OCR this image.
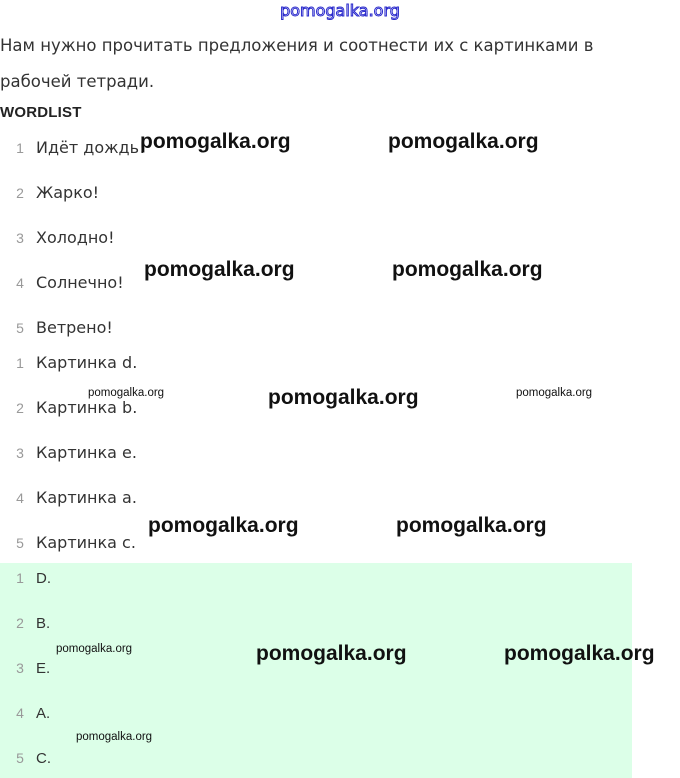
pomogalka.org
Нам нужно прочитать предложения и соотнести их с картинками в рабочей тетради.
WORDLIST
1 Идёт дождь!
2 Жарко!
3 Холодно!
4 Солнечно!
5 Ветрено!
1 Картинка d.
2 Картинка b.
3 Картинка e.
4 Картинка a.
5 Картинка c.
1 D.
2 B.
3 E.
4 A.
5 C.
pomogalka.org	pomogalka.org
pomogalka.org	pomogalka.org
pomogalka.org	pomogalka.org	pomogalka.org
pomogalka.org	pomogalka.org
pomogalka.org	pomogalka.org	pomogalka.org
pomogalka.org
